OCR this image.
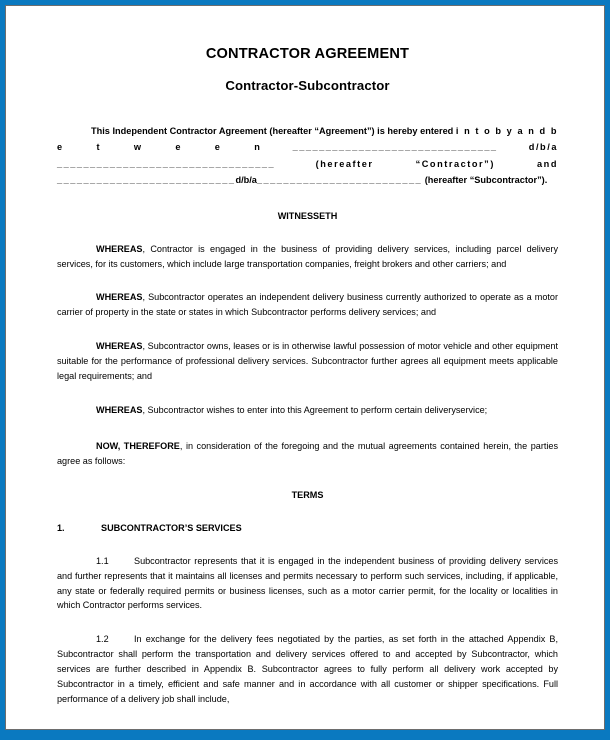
CONTRACTOR AGREEMENT
Contractor-Subcontractor

This Independent Contractor Agreement (hereafter “Agreement”) is hereby entered i n t o b y a n d b e t w e e n	_______________________________	d/b/a _________________________________	(hereafter “Contractor”) and ___________________________d/b/a_________________________ (hereafter “Subcontractor”).

WITNESSETH

WHEREAS, Contractor is engaged in the business of providing delivery services, including parcel delivery services, for its customers, which include large transportation companies, freight brokers and other carriers; and

WHEREAS, Subcontractor operates an independent delivery business currently authorized to operate as a motor carrier of property in the state or states in which Subcontractor performs delivery services; and

WHEREAS, Subcontractor owns, leases or is in otherwise lawful possession of motor vehicle and other equipment suitable for the performance of professional delivery services. Subcontractor further agrees all equipment meets applicable legal requirements; and

WHEREAS, Subcontractor wishes to enter into this Agreement to perform certain deliveryservice;

NOW, THEREFORE, in consideration of the foregoing and the mutual agreements contained herein, the parties agree as follows:

TERMS

1.	SUBCONTRACTOR’S SERVICES

1.1	Subcontractor represents that it is engaged in the independent business of providing delivery services and further represents that it maintains all licenses and permits necessary to perform such services, including, if applicable, any state or federally required permits or business licenses, such as a motor carrier permit, for the locality or localities in which Contractor performs services.

1.2	In exchange for the delivery fees negotiated by the parties, as set forth in the attached Appendix B, Subcontractor shall perform the transportation and delivery services offered to and accepted by Subcontractor, which services are further described in Appendix B. Subcontractor agrees to fully perform all delivery work accepted by Subcontractor in a timely, efficient and safe manner and in accordance with all customer or shipper specifications. Full performance of a delivery job shall include,
